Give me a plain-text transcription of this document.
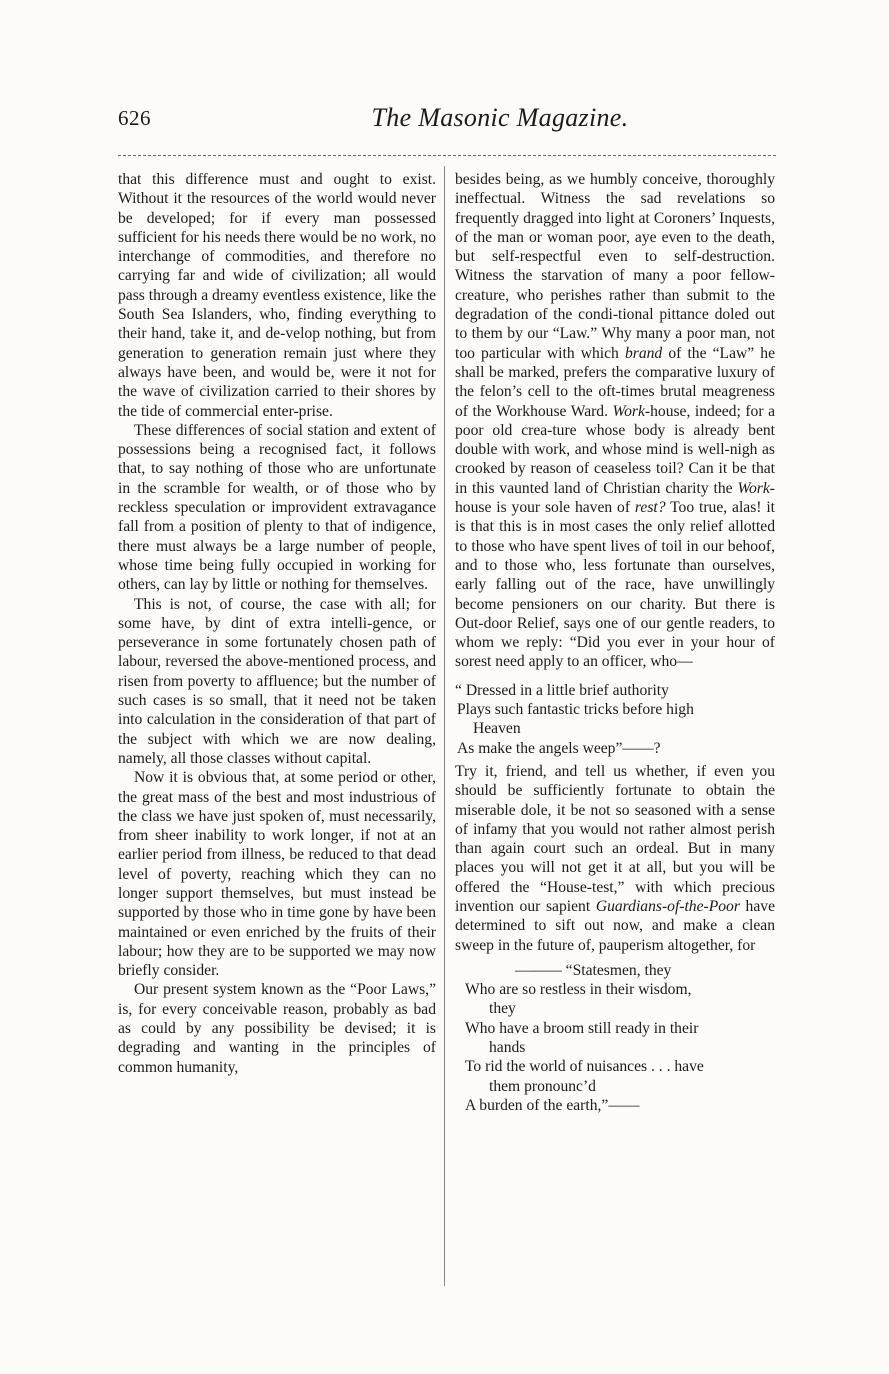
626	The Masonic Magazine.

that this difference must and ought to exist. Without it the resources of the world would never be developed; for if every man possessed sufficient for his needs there would be no work, no interchange of commodities, and therefore no carrying far and wide of civilization; all would pass through a dreamy eventless existence, like the South Sea Islanders, who, finding everything to their hand, take it, and de-velop nothing, but from generation to generation remain just where they always have been, and would be, were it not for the wave of civilization carried to their shores by the tide of commercial enter-prise.

These differences of social station and extent of possessions being a recognised fact, it follows that, to say nothing of those who are unfortunate in the scramble for wealth, or of those who by reckless speculation or improvident extravagance fall from a position of plenty to that of indigence, there must always be a large number of people, whose time being fully occupied in working for others, can lay by little or nothing for themselves.

This is not, of course, the case with all; for some have, by dint of extra intelli-gence, or perseverance in some fortunately chosen path of labour, reversed the above-mentioned process, and risen from poverty to affluence; but the number of such cases is so small, that it need not be taken into calculation in the consideration of that part of the subject with which we are now dealing, namely, all those classes without capital.

Now it is obvious that, at some period or other, the great mass of the best and most industrious of the class we have just spoken of, must necessarily, from sheer inability to work longer, if not at an earlier period from illness, be reduced to that dead level of poverty, reaching which they can no longer support themselves, but must instead be supported by those who in time gone by have been maintained or even enriched by the fruits of their labour; how they are to be supported we may now briefly consider.

Our present system known as the “Poor Laws,” is, for every conceivable reason, probably as bad as could by any possibility be devised; it is degrading and wanting in the principles of common humanity,

besides being, as we humbly conceive, thoroughly ineffectual. Witness the sad revelations so frequently dragged into light at Coroners’ Inquests, of the man or woman poor, aye even to the death, but self-respectful even to self-destruction. Witness the starvation of many a poor fellow-creature, who perishes rather than submit to the degradation of the condi-tional pittance doled out to them by our “Law.” Why many a poor man, not too particular with which brand of the “Law” he shall be marked, prefers the comparative luxury of the felon’s cell to the oft-times brutal meagreness of the Workhouse Ward. Work-house, indeed; for a poor old crea-ture whose body is already bent double with work, and whose mind is well-nigh as crooked by reason of ceaseless toil? Can it be that in this vaunted land of Christian charity the Work-house is your sole haven of rest? Too true, alas! it is that this is in most cases the only relief allotted to those who have spent lives of toil in our behoof, and to those who, less fortunate than ourselves, early falling out of the race, have unwillingly become pensioners on our charity. But there is Out-door Relief, says one of our gentle readers, to whom we reply: “Did you ever in your hour of sorest need apply to an officer, who—

“ Dressed in a little brief authority
Plays such fantastic tricks before high
Heaven
As make the angels weep”——?

Try it, friend, and tell us whether, if even you should be sufficiently fortunate to obtain the miserable dole, it be not so seasoned with a sense of infamy that you would not rather almost perish than again court such an ordeal. But in many places you will not get it at all, but you will be offered the “House-test,” with which precious invention our sapient Guardians-of-the-Poor have determined to sift out now, and make a clean sweep in the future of, pauperism altogether, for

——— “Statesmen, they
Who are so restless in their wisdom,
they
Who have a broom still ready in their
hands
To rid the world of nuisances . . . have
them pronounc’d
A burden of the earth,”——
